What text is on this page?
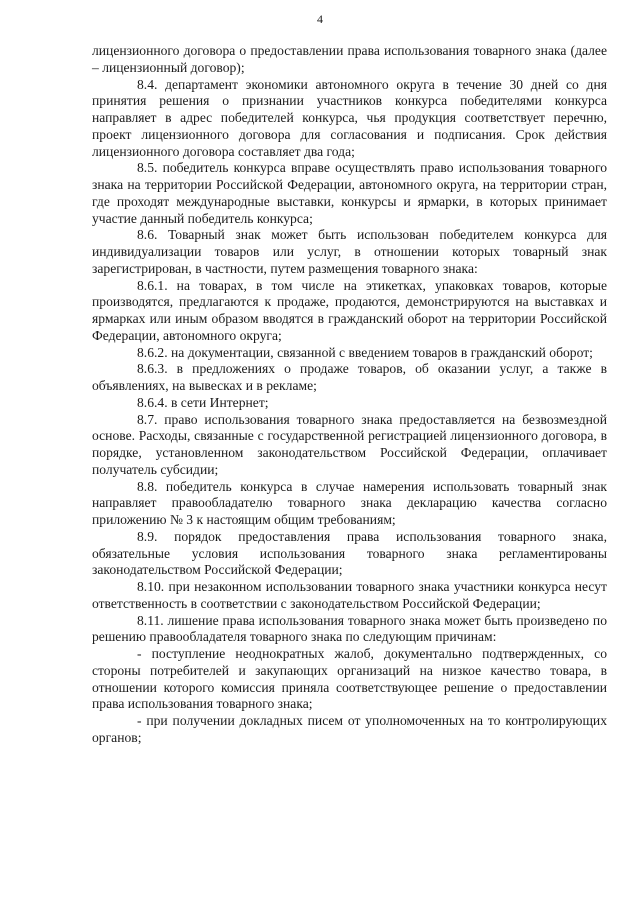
4

лицензионного договора о предоставлении права использования товарного знака (далее – лицензионный договор);

8.4. департамент экономики автономного округа в течение 30 дней со дня принятия решения о признании участников конкурса победителями конкурса направляет в адрес победителей конкурса, чья продукция соответствует перечню, проект лицензионного договора для согласования и подписания. Срок действия лицензионного договора составляет два года;

8.5. победитель конкурса вправе осуществлять право использования товарного знака на территории Российской Федерации, автономного округа, на территории стран, где проходят международные выставки, конкурсы и ярмарки, в которых принимает участие данный победитель конкурса;

8.6. Товарный знак может быть использован победителем конкурса для индивидуализации товаров или услуг, в отношении которых товарный знак зарегистрирован, в частности, путем размещения товарного знака:

8.6.1. на товарах, в том числе на этикетках, упаковках товаров, которые производятся, предлагаются к продаже, продаются, демонстрируются на выставках и ярмарках или иным образом вводятся в гражданский оборот на территории Российской Федерации, автономного округа;

8.6.2. на документации, связанной с введением товаров в гражданский оборот;

8.6.3. в предложениях о продаже товаров, об оказании услуг, а также в объявлениях, на вывесках и в рекламе;

8.6.4. в сети Интернет;

8.7. право использования товарного знака предоставляется на безвозмездной основе. Расходы, связанные с государственной регистрацией лицензионного договора, в порядке, установленном законодательством Российской Федерации, оплачивает получатель субсидии;

8.8. победитель конкурса в случае намерения использовать товарный знак направляет правообладателю товарного знака декларацию качества согласно приложению № 3 к настоящим общим требованиям;

8.9. порядок предоставления права использования товарного знака, обязательные условия использования товарного знака регламентированы законодательством Российской Федерации;

8.10. при незаконном использовании товарного знака участники конкурса несут ответственность в соответствии с законодательством Российской Федерации;

8.11. лишение права использования товарного знака может быть произведено по решению правообладателя товарного знака по следующим причинам:

- поступление неоднократных жалоб, документально подтвержденных, со стороны потребителей и закупающих организаций на низкое качество товара, в отношении которого комиссия приняла соответствующее решение о предоставлении права использования товарного знака;

- при получении докладных писем от уполномоченных на то контролирующих органов;
